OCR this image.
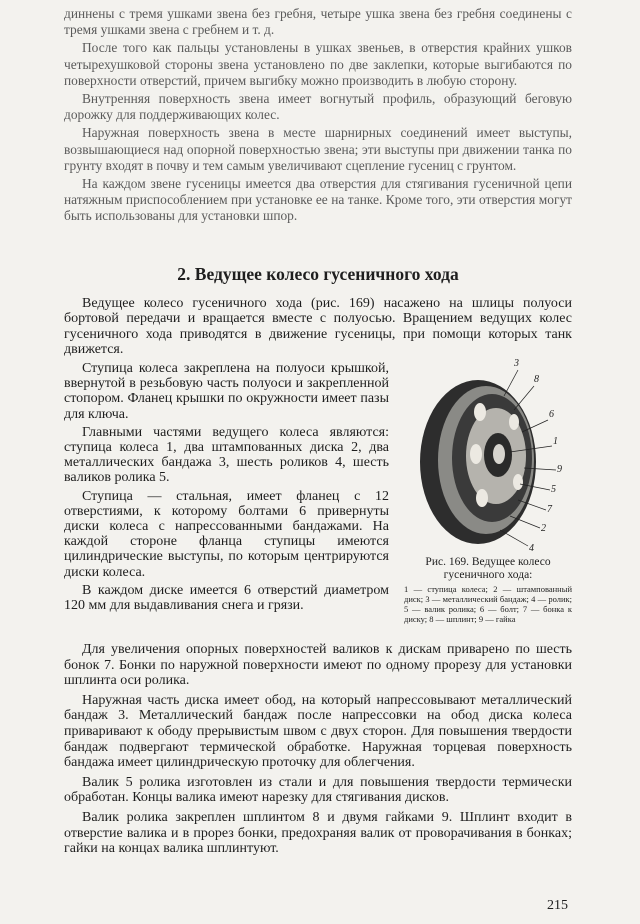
диннены с тремя ушками звена без гребня, четыре ушка звена без гребня соединены с тремя ушками звена с гребнем и т. д.

После того как пальцы установлены в ушках звеньев, в отверстия крайних ушков четырехушковой стороны звена установлено по две заклепки, которые выгибаются по поверхности отверстий, причем выгибку можно производить в любую сторону.

Внутренняя поверхность звена имеет вогнутый профиль, образующий беговую дорожку для поддерживающих колес.

Наружная поверхность звена в месте шарнирных соединений имеет выступы, возвышающиеся над опорной поверхностью звена; эти выступы при движении танка по грунту входят в почву и тем самым увеличивают сцепление гусениц с грунтом.

На каждом звене гусеницы имеется два отверстия для стягивания гусеничной цепи натяжным приспособлением при установке ее на танке. Кроме того, эти отверстия могут быть использованы для установки шпор.

2. Ведущее колесо гусеничного хода

Ведущее колесо гусеничного хода (рис. 169) насажено на шлицы полуоси бортовой передачи и вращается вместе с полуосью. Вращением ведущих колес гусеничного хода приводятся в движение гусеницы, при помощи которых танк движется.

Ступица колеса закреплена на полуоси крышкой, ввернутой в резьбовую часть полуоси и закрепленной стопором. Фланец крышки по окружности имеет пазы для ключа.

Главными частями ведущего колеса являются: ступица колеса 1, два штампованных диска 2, два металлических бандажа 3, шесть роликов 4, шесть валиков ролика 5.

Ступица — стальная, имеет фланец с 12 отверстиями, к которому болтами 6 привернуты диски колеса с напрессованными бандажами. На каждой стороне фланца ступицы имеются цилиндрические выступы, по которым центрируются диски колеса.

В каждом диске имеется 6 отверстий диаметром 120 мм для выдавливания снега и грязи.

3
8
6
1
9
5
7
2
4

Рис. 169. Ведущее колесо гусеничного хода:

1 — ступица колеса; 2 — штампованный диск; 3 — металлический бандаж; 4 — ролик; 5 — валик ролика; 6 — болт; 7 — бонка к диску; 8 — шплинт; 9 — гайка

Для увеличения опорных поверхностей валиков к дискам приварено по шесть бонок 7. Бонки по наружной поверхности имеют по одному прорезу для установки шплинта оси ролика.

Наружная часть диска имеет обод, на который напрессовывают металлический бандаж 3. Металлический бандаж после напрессовки на обод диска колеса приваривают к ободу прерывистым швом с двух сторон. Для повышения твердости бандаж подвергают термической обработке. Наружная торцевая поверхность бандажа имеет цилиндрическую проточку для облегчения.

Валик 5 ролика изготовлен из стали и для повышения твердости термически обработан. Концы валика имеют нарезку для стягивания дисков.

Валик ролика закреплен шплинтом 8 и двумя гайками 9. Шплинт входит в отверстие валика и в прорез бонки, предохраняя валик от проворачивания в бонках; гайки на концах валика шплинтуют.

215
